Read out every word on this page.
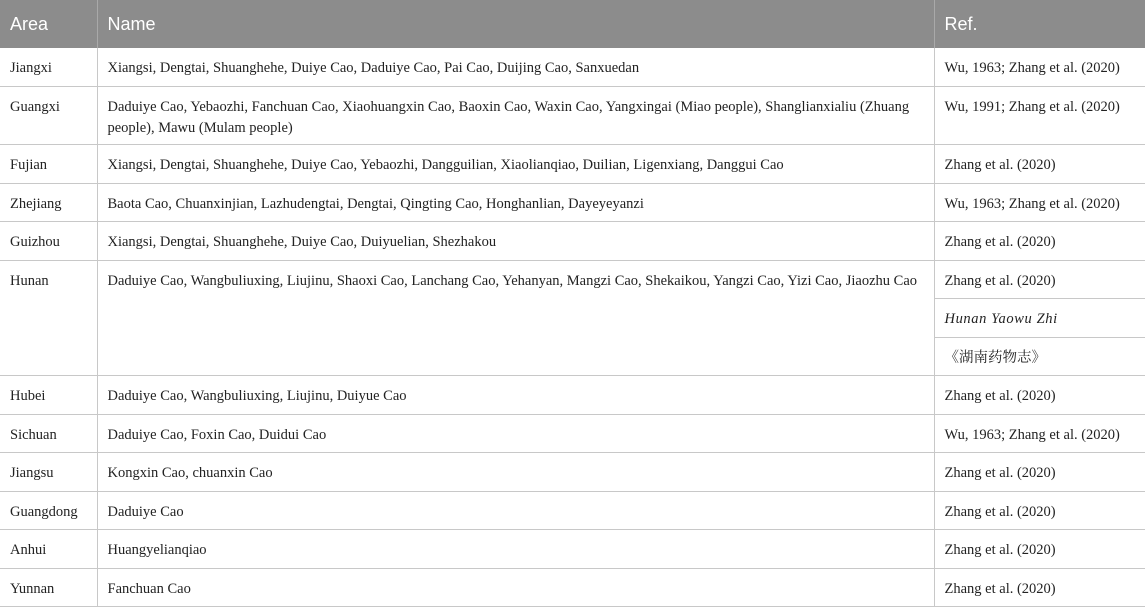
Area	Name	Ref.
Jiangxi	Xiangsi, Dengtai, Shuanghehe, Duiye Cao, Daduiye Cao, Pai Cao, Duijing Cao, Sanxuedan	Wu, 1963; Zhang et al. (2020)
Guangxi	Daduiye Cao, Yebaozhi, Fanchuan Cao, Xiaohuangxin Cao, Baoxin Cao, Waxin Cao, Yangxingai (Miao people), Shanglianxialiu (Zhuang people), Mawu (Mulam people)	Wu, 1991; Zhang et al. (2020)
Fujian	Xiangsi, Dengtai, Shuanghehe, Duiye Cao, Yebaozhi, Dangguilian, Xiaolianqiao, Duilian, Ligenxiang, Danggui Cao	Zhang et al. (2020)
Zhejiang	Baota Cao, Chuanxinjian, Lazhudengtai, Dengtai, Qingting Cao, Honghanlian, Dayeyeyanzi	Wu, 1963; Zhang et al. (2020)
Guizhou	Xiangsi, Dengtai, Shuanghehe, Duiye Cao, Duiyuelian, Shezhakou	Zhang et al. (2020)
Hunan	Daduiye Cao, Wangbuliuxing, Liujinu, Shaoxi Cao, Lanchang Cao, Yehanyan, Mangzi Cao, Shekaikou, Yangzi Cao, Yizi Cao, Jiaozhu Cao	Zhang et al. (2020)
		Hunan Yaowu Zhi
		《湖南药物志》
Hubei	Daduiye Cao, Wangbuliuxing, Liujinu, Duiyue Cao	Zhang et al. (2020)
Sichuan	Daduiye Cao, Foxin Cao, Duidui Cao	Wu, 1963; Zhang et al. (2020)
Jiangsu	Kongxin Cao, chuanxin Cao	Zhang et al. (2020)
Guangdong	Daduiye Cao	Zhang et al. (2020)
Anhui	Huangyelianqiao	Zhang et al. (2020)
Yunnan	Fanchuan Cao	Zhang et al. (2020)
